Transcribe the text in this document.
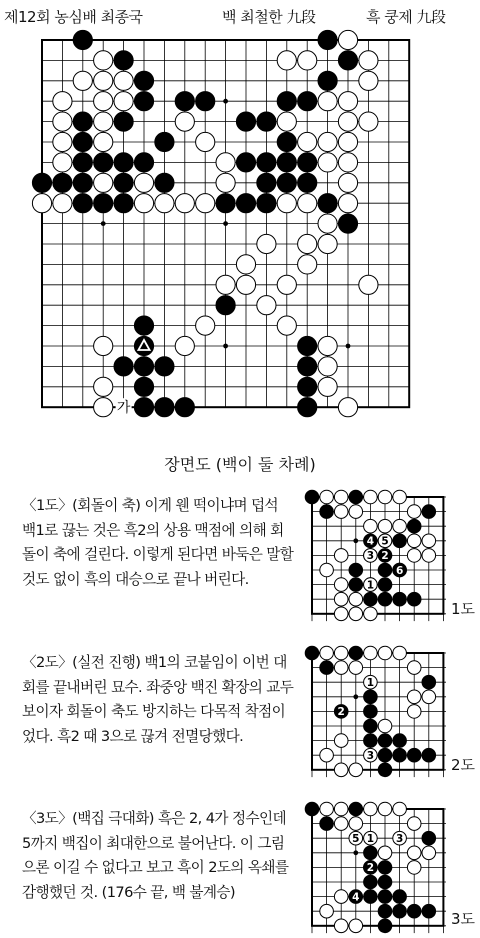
제12회 농심배 최종국	백 최철한 九段	흑 쿵제 九段
가
장면도 (백이 둘 차례)
〈1도〉(회돌이 축) 이게 웬 떡이냐며 덥석 백1로 끊는 것은 흑2의 상용 맥점에 의해 회돌이 축에 걸린다. 이렇게 된다면 바둑은 말할 것도 없이 흑의 대승으로 끝나 버린다.
4 5
3 2
6
1
1도
〈2도〉(실전 진행) 백1의 코붙임이 이번 대회를 끝내버린 묘수. 좌중앙 백진 확장의 교두보이자 회돌이 축도 방지하는 다목적 착점이었다. 흑2 때 3으로 끊겨 전멸당했다.
1
2
3	2도
〈3도〉(백집 극대화) 흑은 2, 4가 정수인데 5까지 백집이 최대한으로 불어난다. 이 그림으론 이길 수 없다고 보고 흑이 2도의 옥쇄를 감행했던 것. (176수 끝, 백 불계승)
5 1 3
2
4
3도
